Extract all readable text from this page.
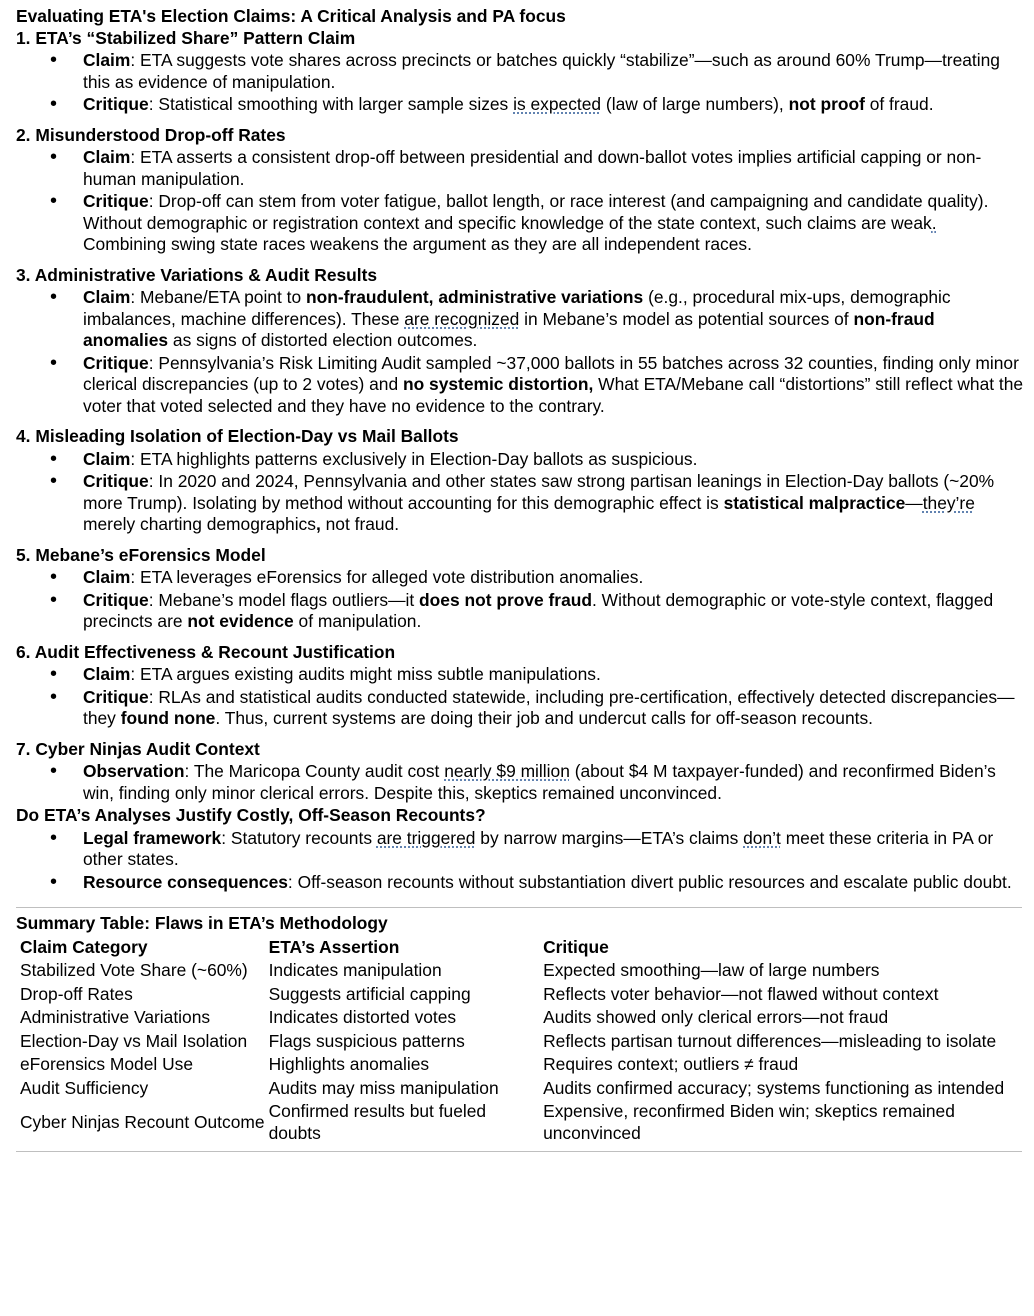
Evaluating ETA's Election Claims: A Critical Analysis and PA focus

1. ETA’s “Stabilized Share” Pattern Claim

• Claim: ETA suggests vote shares across precincts or batches quickly “stabilize”—such as around 60% Trump—treating this as evidence of manipulation.
• Critique: Statistical smoothing with larger sample sizes is expected (law of large numbers), not proof of fraud.

2. Misunderstood Drop-off Rates

• Claim: ETA asserts a consistent drop-off between presidential and down-ballot votes implies artificial capping or non-human manipulation.
• Critique: Drop-off can stem from voter fatigue, ballot length, or race interest (and campaigning and candidate quality). Without demographic or registration context and specific knowledge of the state context, such claims are weak. Combining swing state races weakens the argument as they are all independent races.

3. Administrative Variations & Audit Results

• Claim: Mebane/ETA point to non-fraudulent, administrative variations (e.g., procedural mix-ups, demographic imbalances, machine differences). These are recognized in Mebane’s model as potential sources of non-fraud anomalies as signs of distorted election outcomes.
• Critique: Pennsylvania’s Risk Limiting Audit sampled ~37,000 ballots in 55 batches across 32 counties, finding only minor clerical discrepancies (up to 2 votes) and no systemic distortion, What ETA/Mebane call “distortions” still reflect what the voter that voted selected and they have no evidence to the contrary.

4. Misleading Isolation of Election-Day vs Mail Ballots

• Claim: ETA highlights patterns exclusively in Election-Day ballots as suspicious.
• Critique: In 2020 and 2024, Pennsylvania and other states saw strong partisan leanings in Election-Day ballots (~20% more Trump). Isolating by method without accounting for this demographic effect is statistical malpractice—they’re merely charting demographics, not fraud.

5. Mebane’s eForensics Model

• Claim: ETA leverages eForensics for alleged vote distribution anomalies.
• Critique: Mebane’s model flags outliers—it does not prove fraud. Without demographic or vote-style context, flagged precincts are not evidence of manipulation.

6. Audit Effectiveness & Recount Justification

• Claim: ETA argues existing audits might miss subtle manipulations.
• Critique: RLAs and statistical audits conducted statewide, including pre-certification, effectively detected discrepancies—they found none. Thus, current systems are doing their job and undercut calls for off-season recounts.

7. Cyber Ninjas Audit Context

• Observation: The Maricopa County audit cost nearly $9 million (about $4 M taxpayer-funded) and reconfirmed Biden’s win, finding only minor clerical errors. Despite this, skeptics remained unconvinced.

Do ETA’s Analyses Justify Costly, Off-Season Recounts?

• Legal framework: Statutory recounts are triggered by narrow margins—ETA’s claims don’t meet these criteria in PA or other states.
• Resource consequences: Off-season recounts without substantiation divert public resources and escalate public doubt.

Summary Table: Flaws in ETA’s Methodology

Claim Category	ETA’s Assertion	Critique
Stabilized Vote Share (~60%)	Indicates manipulation	Expected smoothing—law of large numbers
Drop-off Rates	Suggests artificial capping	Reflects voter behavior—not flawed without context
Administrative Variations	Indicates distorted votes	Audits showed only clerical errors—not fraud
Election-Day vs Mail Isolation	Flags suspicious patterns	Reflects partisan turnout differences—misleading to isolate
eForensics Model Use	Highlights anomalies	Requires context; outliers ≠ fraud
Audit Sufficiency	Audits may miss manipulation	Audits confirmed accuracy; systems functioning as intended
Cyber Ninjas Recount Outcome	Confirmed results but fueled doubts	Expensive, reconfirmed Biden win; skeptics remained unconvinced
